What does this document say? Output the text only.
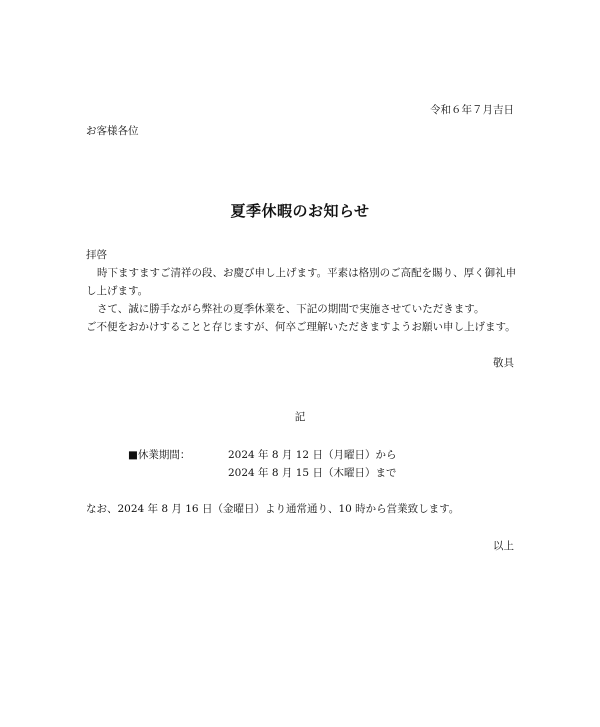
令和６年７月吉日
お客様各位
夏季休暇のお知らせ
拝啓
時下ますますご清祥の段、お慶び申し上げます。平素は格別のご高配を賜り、厚く御礼申
し上げます。
さて、誠に勝手ながら弊社の夏季休業を、下記の期間で実施させていただきます。
ご不便をおかけすることと存じますが、何卒ご理解いただきますようお願い申し上げます。
敬具
記
■休業期間：	2024 年 8 月 12 日（月曜日）から
2024 年 8 月 15 日（木曜日）まで
なお、2024 年 8 月 16 日（金曜日）より通常通り、10 時から営業致します。
以上
